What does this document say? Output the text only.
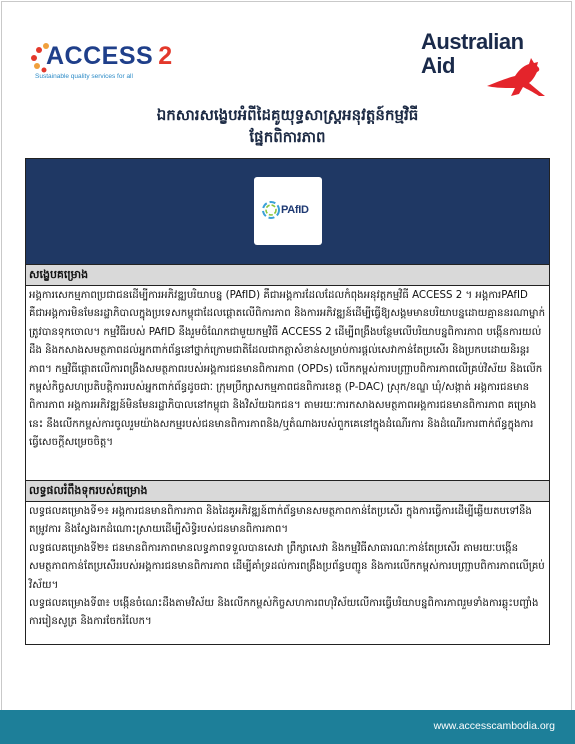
ACCESS 2
Sustainable quality services for all
Australian
Aid
ឯកសារសង្ខេបអំពីដៃគូយុទ្ធសាស្ត្រអនុវត្តន៍កម្មវិធី
ផ្នែកពិការភាព
PAfID
សង្ខេបគម្រោង
អង្គការសេកម្មភាពប្រជាជនដើម្បីការអភិវឌ្ឍបរិយាបន្ន (PAfID) គឺជាអង្គការដែលដែលកំពុងអនុវត្តកម្មវិធី ACCESS 2 ។ អង្គការPAfID គឺជាអង្គការមិនមែនរដ្ឋាភិបាលក្នុងប្រទេសកម្ពុជាដែលផ្តោតលើពិការភាព និងការអភិវឌ្ឍន៍ដើម្បីធ្វើឱ្យសង្គមមានបរិយាបន្នដោយគ្មាននរណាម្នាក់ត្រូវបានទុកចោល។ កម្មវិធីរបស់ PAfID នឹងរួមចំណែកជាមួយកម្មវិធី ACCESS 2 ដើម្បីពង្រឹងបន្ថែមលើបរិយាបន្នពិការភាព បង្កើនការយល់ដឹង និងកសាងសមត្ថភាពដល់អ្នកពាក់ព័ន្ធនៅថ្នាក់ក្រោមជាតិដែលជាកត្តាសំខាន់សម្រាប់ការផ្តល់សេវាកាន់តែប្រសើរ និងប្រកបដោយនិរន្តរភាព។ កម្មវិធីផ្តោតលើការពង្រឹងសមត្ថភាពរបស់អង្គការជនមានពិការភាព (OPDs) លើកកម្ពស់ការបញ្ជ្រាបពិការភាពលើគ្រប់វិស័យ និងលើកកម្ពស់កិច្ចសហប្រតិបត្តិការរបស់អ្នកពាក់ព័ន្ធដូចជាៈ ក្រុមប្រឹក្សាសកម្មភាពជនពិការខេត្ត (P-DAC) ស្រុក/ខណ្ឌ ឃុំ/សង្កាត់ អង្គការជនមានពិការភាព អង្គការអភិវឌ្ឍន៍មិនមែនរដ្ឋាភិបាលនៅកម្ពុជា និងវិស័យឯកជន។ តាមរយៈការកសាងសមត្ថភាពអង្គការជនមានពិការភាព គម្រោងនេះ នឹងលើកកម្ពស់ការចូលរួមយ៉ាងសកម្មរបស់ជនមានពិការភាពនិង/ឬតំណាងរបស់ពួកគេនៅក្នុងដំណើរការ និងដំណើរការពាក់ព័ន្ធក្នុងការធ្វើសេចក្តីសម្រេចចិត្ត។
លទ្ធផលរំពឹងទុករបស់គម្រោង
លទ្ធផលគម្រោងទី១៖ អង្គការជនមានពិការភាព និងដៃគូអភិវឌ្ឍន៍ពាក់ព័ន្ធមានសមត្ថភាពកាន់តែប្រសើរ ក្នុងការធ្វើការដើម្បីឆ្លើយតបទៅនឹងតម្រូវការ និងស្វែងរកដំណោះស្រាយដើម្បីសិទ្ធិរបស់ជនមានពិការភាព។
លទ្ធផលគម្រោងទី២៖ ជនមានពិការភាពមានលទ្ធភាពទទួលបានសេវា ព្រឹក្សាសេវា និងកម្មវិធីសាធារណៈកាន់តែប្រសើរ តាមរយៈបង្កើនសមត្ថភាពកាន់តែប្រសើររបស់អង្គការជនមានពិការភាព ដើម្បីគាំទ្រដល់ការពង្រឹងប្រព័ន្ធបញ្ជូន និងការលើកកម្ពស់ការបញ្ជ្រាបពិការភាពលើគ្រប់វិស័យ។
លទ្ធផលគម្រោងទី៣៖ បង្កើនចំណេះដឹងតាមវិស័យ និងលើកកម្ពស់កិច្ចសហការពហុវិស័យលើការធ្វើបរិយាបន្នពិការភាពរួមទាំងការឆ្លុះបញ្ចាំង ការរៀនសូត្រ និងការចែករំលែក។
www.accesscambodia.org
